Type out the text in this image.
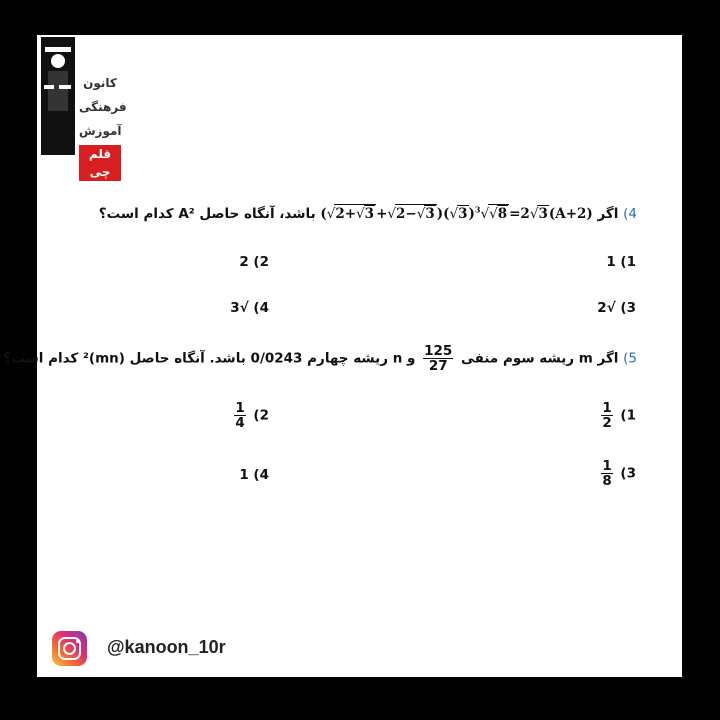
کانون
فرهنگی
آموزش
قلم چی
4) اگر (√2+√3 +√2−√3 )$(√3)^3√√8 =2√3(A+2)$ باشد، آنگاه حاصل A² کدام است؟
1) 1
2) 2
3) √2
4) √3
5) اگر m ریشه سوم منفی
$\frac{125}{27}$
و n ریشه چهارم 0/0243 باشد. آنگاه حاصل (mn)² کدام است؟
1)
$\frac{1}{2}$
2)
$\frac{1}{4}$
3)
$\frac{1}{8}$
4) 1
@kanoon_10r
